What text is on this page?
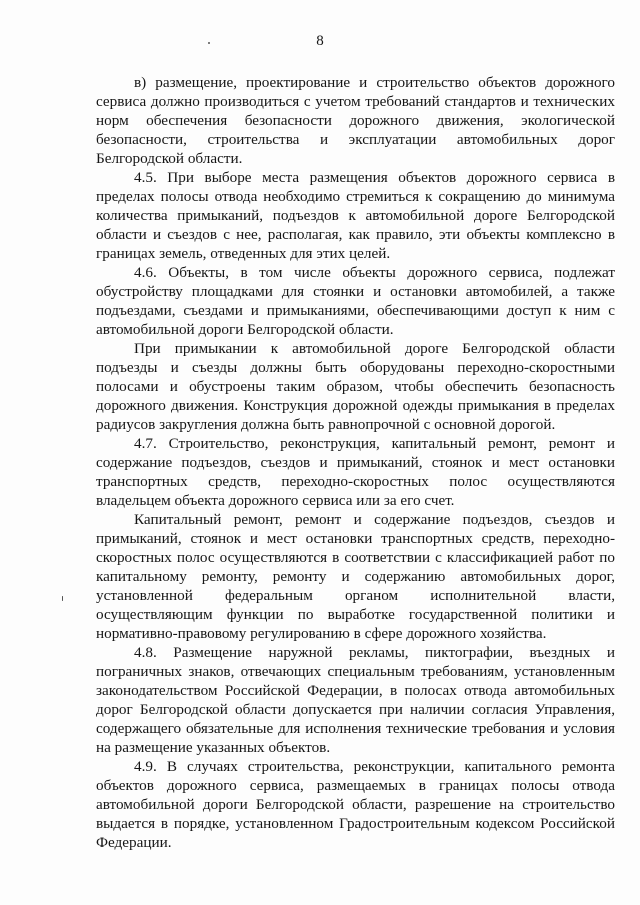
8

в) размещение, проектирование и строительство объектов дорожного сервиса должно производиться с учетом требований стандартов и технических норм обеспечения безопасности дорожного движения, экологической безопасности, строительства и эксплуатации автомобильных дорог Белгородской области.

4.5. При выборе места размещения объектов дорожного сервиса в пределах полосы отвода необходимо стремиться к сокращению до минимума количества примыканий, подъездов к автомобильной дороге Белгородской области и съездов с нее, располагая, как правило, эти объекты комплексно в границах земель, отведенных для этих целей.

4.6. Объекты, в том числе объекты дорожного сервиса, подлежат обустройству площадками для стоянки и остановки автомобилей, а также подъездами, съездами и примыканиями, обеспечивающими доступ к ним с автомобильной дороги Белгородской области.

При примыкании к автомобильной дороге Белгородской области подъезды и съезды должны быть оборудованы переходно-скоростными полосами и обустроены таким образом, чтобы обеспечить безопасность дорожного движения. Конструкция дорожной одежды примыкания в пределах радиусов закругления должна быть равнопрочной с основной дорогой.

4.7. Строительство, реконструкция, капитальный ремонт, ремонт и содержание подъездов, съездов и примыканий, стоянок и мест остановки транспортных средств, переходно-скоростных полос осуществляются владельцем объекта дорожного сервиса или за его счет.

Капитальный ремонт, ремонт и содержание подъездов, съездов и примыканий, стоянок и мест остановки транспортных средств, переходно-скоростных полос осуществляются в соответствии с классификацией работ по капитальному ремонту, ремонту и содержанию автомобильных дорог, установленной федеральным органом исполнительной власти, осуществляющим функции по выработке государственной политики и нормативно-правовому регулированию в сфере дорожного хозяйства.

4.8. Размещение наружной рекламы, пиктографии, въездных и пограничных знаков, отвечающих специальным требованиям, установленным законодательством Российской Федерации, в полосах отвода автомобильных дорог Белгородской области допускается при наличии согласия Управления, содержащего обязательные для исполнения технические требования и условия на размещение указанных объектов.

4.9. В случаях строительства, реконструкции, капитального ремонта объектов дорожного сервиса, размещаемых в границах полосы отвода автомобильной дороги Белгородской области, разрешение на строительство выдается в порядке, установленном Градостроительным кодексом Российской Федерации.
